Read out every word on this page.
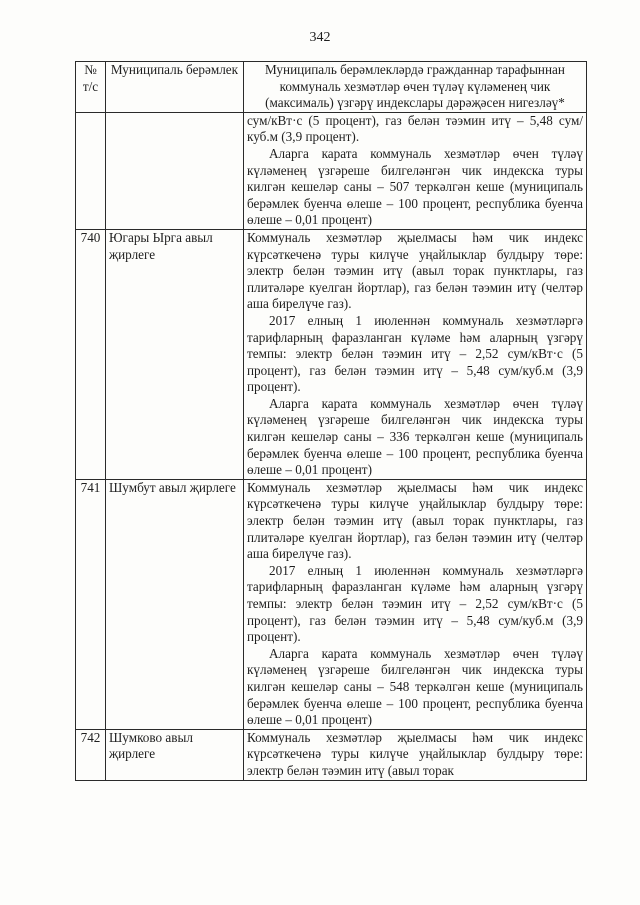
342
№ т/с	Муниципаль берәмлек	Муниципаль берәмлекләрдә гражданнар тарафыннан коммуналь хезмәтләр өчен түләү күләменең чик (максималь) үзгәрү индекслары дәрәҗәсен нигезләү*

		сум/кВт·с (5 процент), газ белән тәэмин итү – 5,48 сум/куб.м (3,9 процент).

Аларга карата коммуналь хезмәтләр өчен түләү күләменең үзгәреше билгеләнгән чик индекска туры килгән кешеләр саны – 507 теркәлгән кеше (муниципаль берәмлек буенча өлеше – 100 процент, республика буенча өлеше – 0,01 процент)

740	Югары Ырга авыл җирлеге	Коммуналь хезмәтләр җыелмасы һәм чик индекс күрсәткеченә туры килүче уңайлыклар булдыру төре: электр белән тәэмин итү (авыл торак пунктлары, газ плитәләре куелган йортлар), газ белән тәэмин итү (челтәр аша бирелүче газ).

2017 елның 1 июленнән коммуналь хезмәтләргә тарифларның фаразланган күләме һәм аларның үзгәрү темпы: электр белән тәэмин итү – 2,52 сум/кВт·с (5 процент), газ белән тәэмин итү – 5,48 сум/куб.м (3,9 процент).

Аларга карата коммуналь хезмәтләр өчен түләү күләменең үзгәреше билгеләнгән чик индекска туры килгән кешеләр саны – 336 теркәлгән кеше (муниципаль берәмлек буенча өлеше – 100 процент, республика буенча өлеше – 0,01 процент)

741	Шумбут авыл җирлеге	Коммуналь хезмәтләр җыелмасы һәм чик индекс күрсәткеченә туры килүче уңайлыклар булдыру төре: электр белән тәэмин итү (авыл торак пунктлары, газ плитәләре куелган йортлар), газ белән тәэмин итү (челтәр аша бирелүче газ).

2017 елның 1 июленнән коммуналь хезмәтләргә тарифларның фаразланган күләме һәм аларның үзгәрү темпы: электр белән тәэмин итү – 2,52 сум/кВт·с (5 процент), газ белән тәэмин итү – 5,48 сум/куб.м (3,9 процент).

Аларга карата коммуналь хезмәтләр өчен түләү күләменең үзгәреше билгеләнгән чик индекска туры килгән кешеләр саны – 548 теркәлгән кеше (муниципаль берәмлек буенча өлеше – 100 процент, республика буенча өлеше – 0,01 процент)

742	Шумково авыл җирлеге	Коммуналь хезмәтләр җыелмасы һәм чик индекс күрсәткеченә туры килүче уңайлыклар булдыру төре: электр белән тәэмин итү (авыл торак
